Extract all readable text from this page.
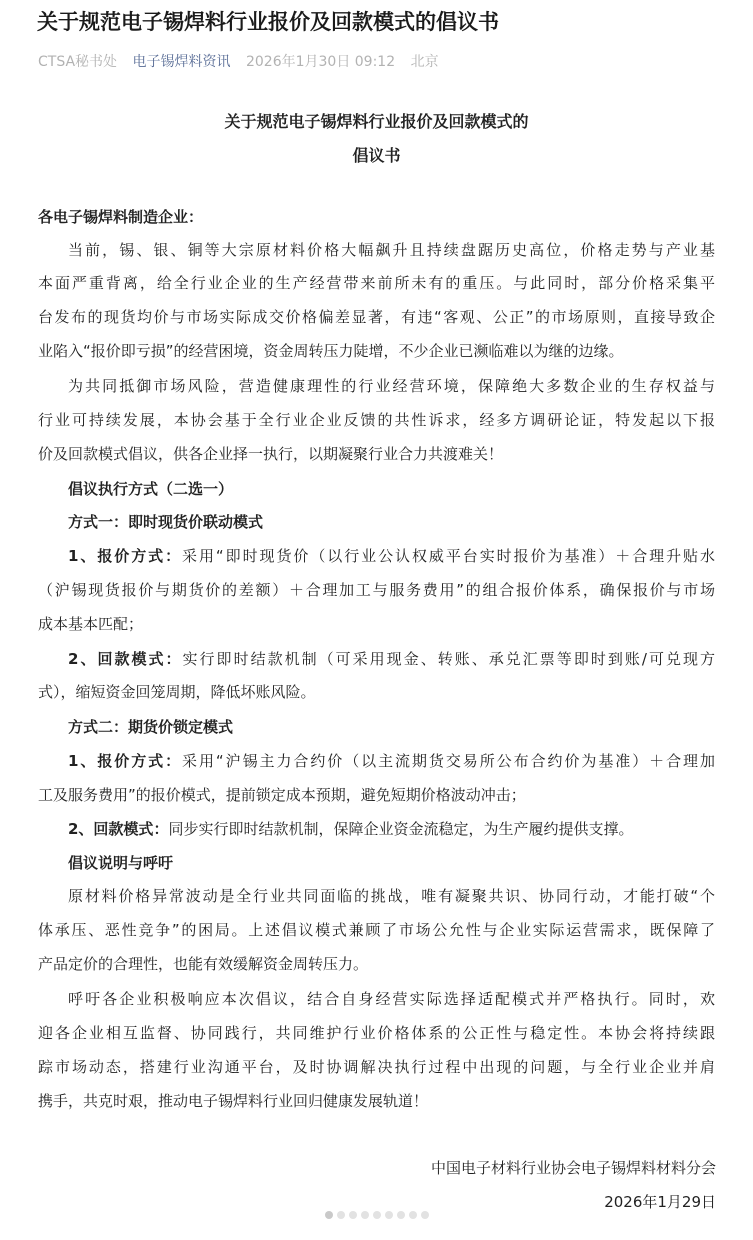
关于规范电子锡焊料行业报价及回款模式的倡议书
CTSA秘书处 电子锡焊料资讯 2026年1月30日 09:12 北京
关于规范电子锡焊料行业报价及回款模式的
倡议书
各电子锡焊料制造企业：
当前，锡、银、铜等大宗原材料价格大幅飙升且持续盘踞历史高位，价格走势与产业基
本面严重背离，给全行业企业的生产经营带来前所未有的重压。与此同时，部分价格采集平
台发布的现货均价与市场实际成交价格偏差显著，有违“客观、公正”的市场原则，直接导致企
业陷入“报价即亏损”的经营困境，资金周转压力陡增，不少企业已濒临难以为继的边缘。
为共同抵御市场风险，营造健康理性的行业经营环境，保障绝大多数企业的生存权益与
行业可持续发展，本协会基于全行业企业反馈的共性诉求，经多方调研论证，特发起以下报
价及回款模式倡议，供各企业择一执行，以期凝聚行业合力共渡难关！
倡议执行方式（二选一）
方式一：即时现货价联动模式
1、报价方式：采用“即时现货价（以行业公认权威平台实时报价为基准）＋合理升贴水
（沪锡现货报价与期货价的差额）＋合理加工与服务费用”的组合报价体系，确保报价与市场
成本基本匹配；
2、回款模式：实行即时结款机制（可采用现金、转账、承兑汇票等即时到账/可兑现方
式），缩短资金回笼周期，降低坏账风险。
方式二：期货价锁定模式
1、报价方式：采用“沪锡主力合约价（以主流期货交易所公布合约价为基准）＋合理加
工及服务费用”的报价模式，提前锁定成本预期，避免短期价格波动冲击；
2、回款模式：同步实行即时结款机制，保障企业资金流稳定，为生产履约提供支撑。
倡议说明与呼吁
原材料价格异常波动是全行业共同面临的挑战，唯有凝聚共识、协同行动，才能打破“个
体承压、恶性竞争”的困局。上述倡议模式兼顾了市场公允性与企业实际运营需求，既保障了
产品定价的合理性，也能有效缓解资金周转压力。
呼吁各企业积极响应本次倡议，结合自身经营实际选择适配模式并严格执行。同时，欢
迎各企业相互监督、协同践行，共同维护行业价格体系的公正性与稳定性。本协会将持续跟
踪市场动态，搭建行业沟通平台，及时协调解决执行过程中出现的问题，与全行业企业并肩
携手，共克时艰，推动电子锡焊料行业回归健康发展轨道！
中国电子材料行业协会电子锡焊料材料分会
2026年1月29日
